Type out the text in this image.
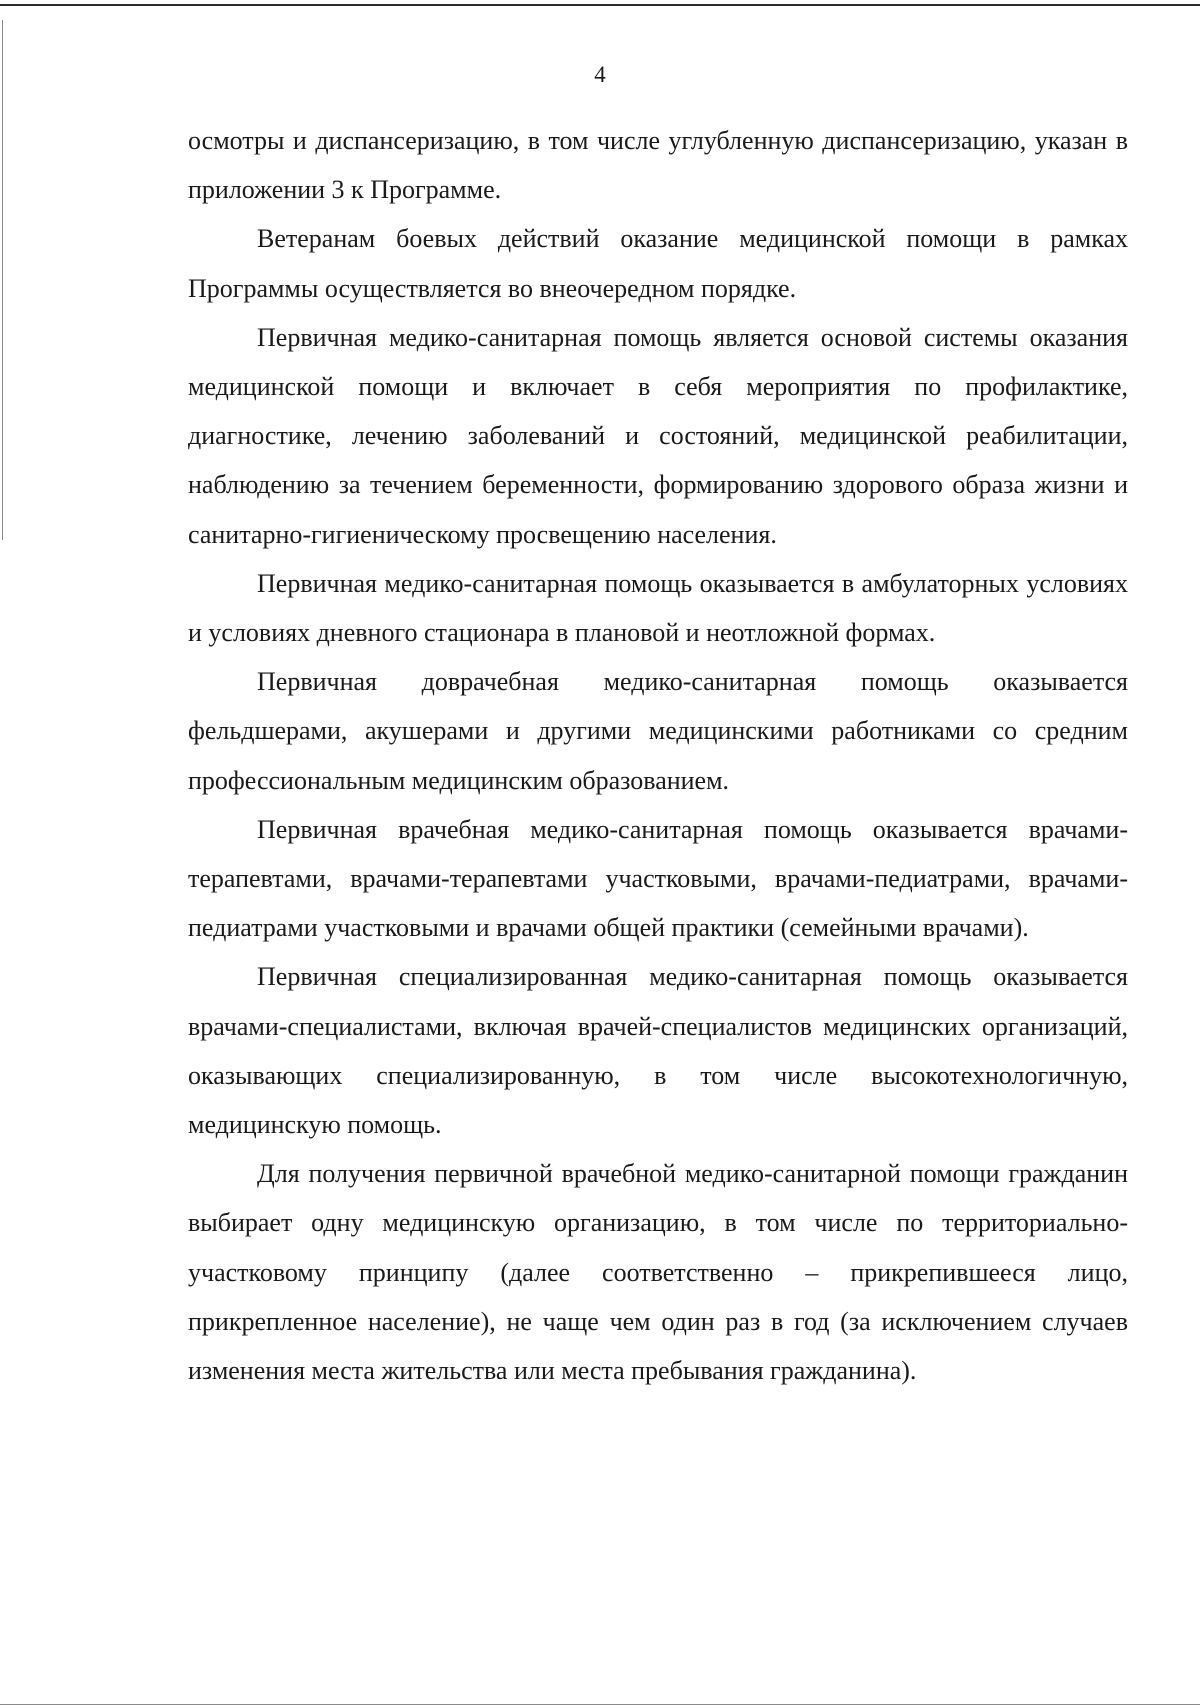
4

осмотры и диспансеризацию, в том числе углубленную диспансеризацию, указан в приложении 3 к Программе.

Ветеранам боевых действий оказание медицинской помощи в рамках Программы осуществляется во внеочередном порядке.

Первичная медико-санитарная помощь является основой системы оказания медицинской помощи и включает в себя мероприятия по профилактике, диагностике, лечению заболеваний и состояний, медицинской реабилитации, наблюдению за течением беременности, формированию здорового образа жизни и санитарно-гигиеническому просвещению населения.

Первичная медико-санитарная помощь оказывается в амбулаторных условиях и условиях дневного стационара в плановой и неотложной формах.

Первичная доврачебная медико-санитарная помощь оказывается фельдшерами, акушерами и другими медицинскими работниками со средним профессиональным медицинским образованием.

Первичная врачебная медико-санитарная помощь оказывается врачами-терапевтами, врачами-терапевтами участковыми, врачами-педиатрами, врачами-педиатрами участковыми и врачами общей практики (семейными врачами).

Первичная специализированная медико-санитарная помощь оказывается врачами-специалистами, включая врачей-специалистов медицинских организаций, оказывающих специализированную, в том числе высокотехнологичную, медицинскую помощь.

Для получения первичной врачебной медико-санитарной помощи гражданин выбирает одну медицинскую организацию, в том числе по территориально-участковому принципу (далее соответственно – прикрепившееся лицо, прикрепленное население), не чаще чем один раз в год (за исключением случаев изменения места жительства или места пребывания гражданина).
